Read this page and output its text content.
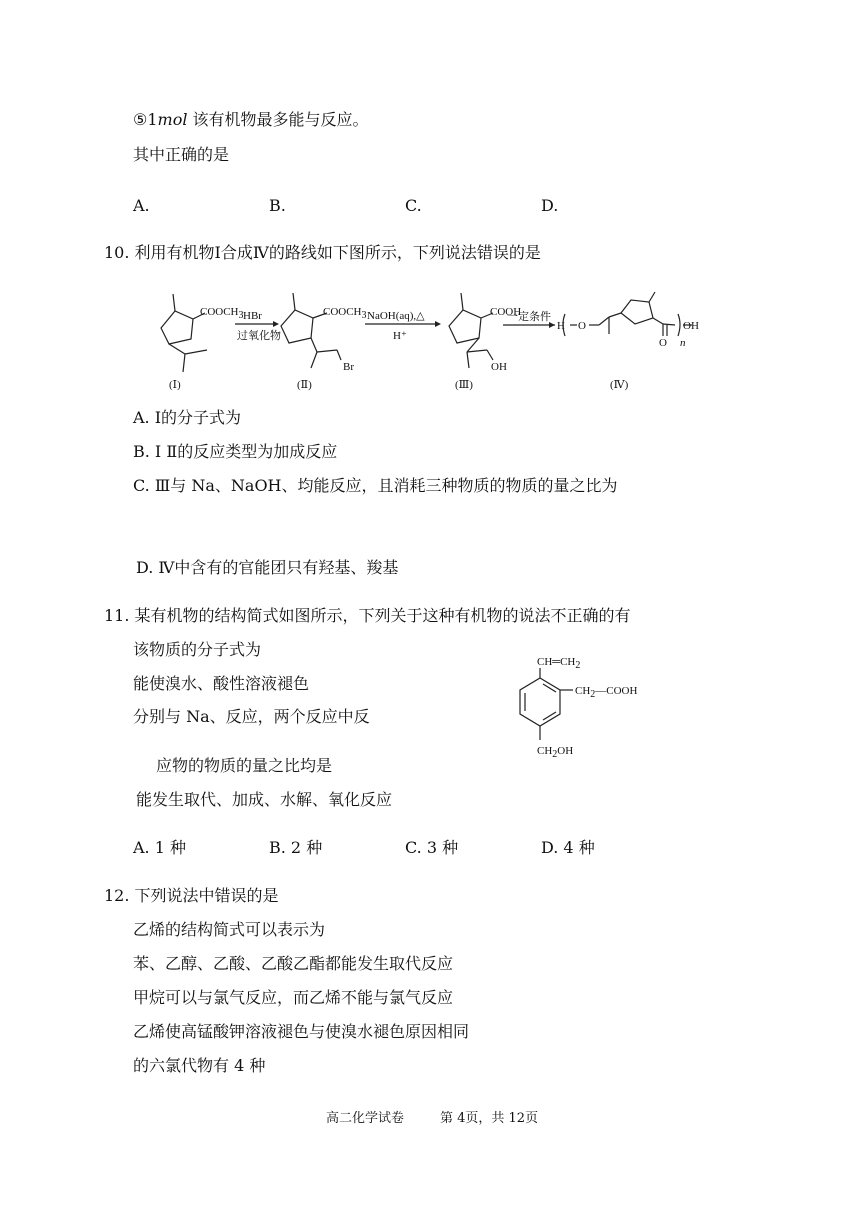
⑤1mol 该有机物最多能与反应。
其中正确的是
A.	B.	C.	D.
10. 利用有机物Ⅰ合成Ⅳ的路线如下图所示，下列说法错误的是
COOCH3	COOCH3	COOH
Br	OH
HBr
过氧化物
NaOH(aq),△
H⁺
一定条件
H O
O
OH
n
(Ⅰ)	(Ⅱ)	(Ⅲ)	(Ⅳ)
A. Ⅰ的分子式为
B. Ⅰ Ⅱ的反应类型为加成反应
C. Ⅲ与 Na、NaOH、均能反应，且消耗三种物质的物质的量之比为
D. Ⅳ中含有的官能团只有羟基、羧基
11. 某有机物的结构简式如图所示，下列关于这种有机物的说法不正确的有
该物质的分子式为
能使溴水、酸性溶液褪色
分别与 Na、反应，两个反应中反
应物的物质的量之比均是
能发生取代、加成、水解、氧化反应
CH═CH2
CH2—COOH
CH2OH
A. 1 种	B. 2 种	C. 3 种	D. 4 种
12. 下列说法中错误的是
乙烯的结构简式可以表示为
苯、乙醇、乙酸、乙酸乙酯都能发生取代反应
甲烷可以与氯气反应，而乙烯不能与氯气反应
乙烯使高锰酸钾溶液褪色与使溴水褪色原因相同
的六氯代物有 4 种
高二化学试卷	第 4页，共 12页
